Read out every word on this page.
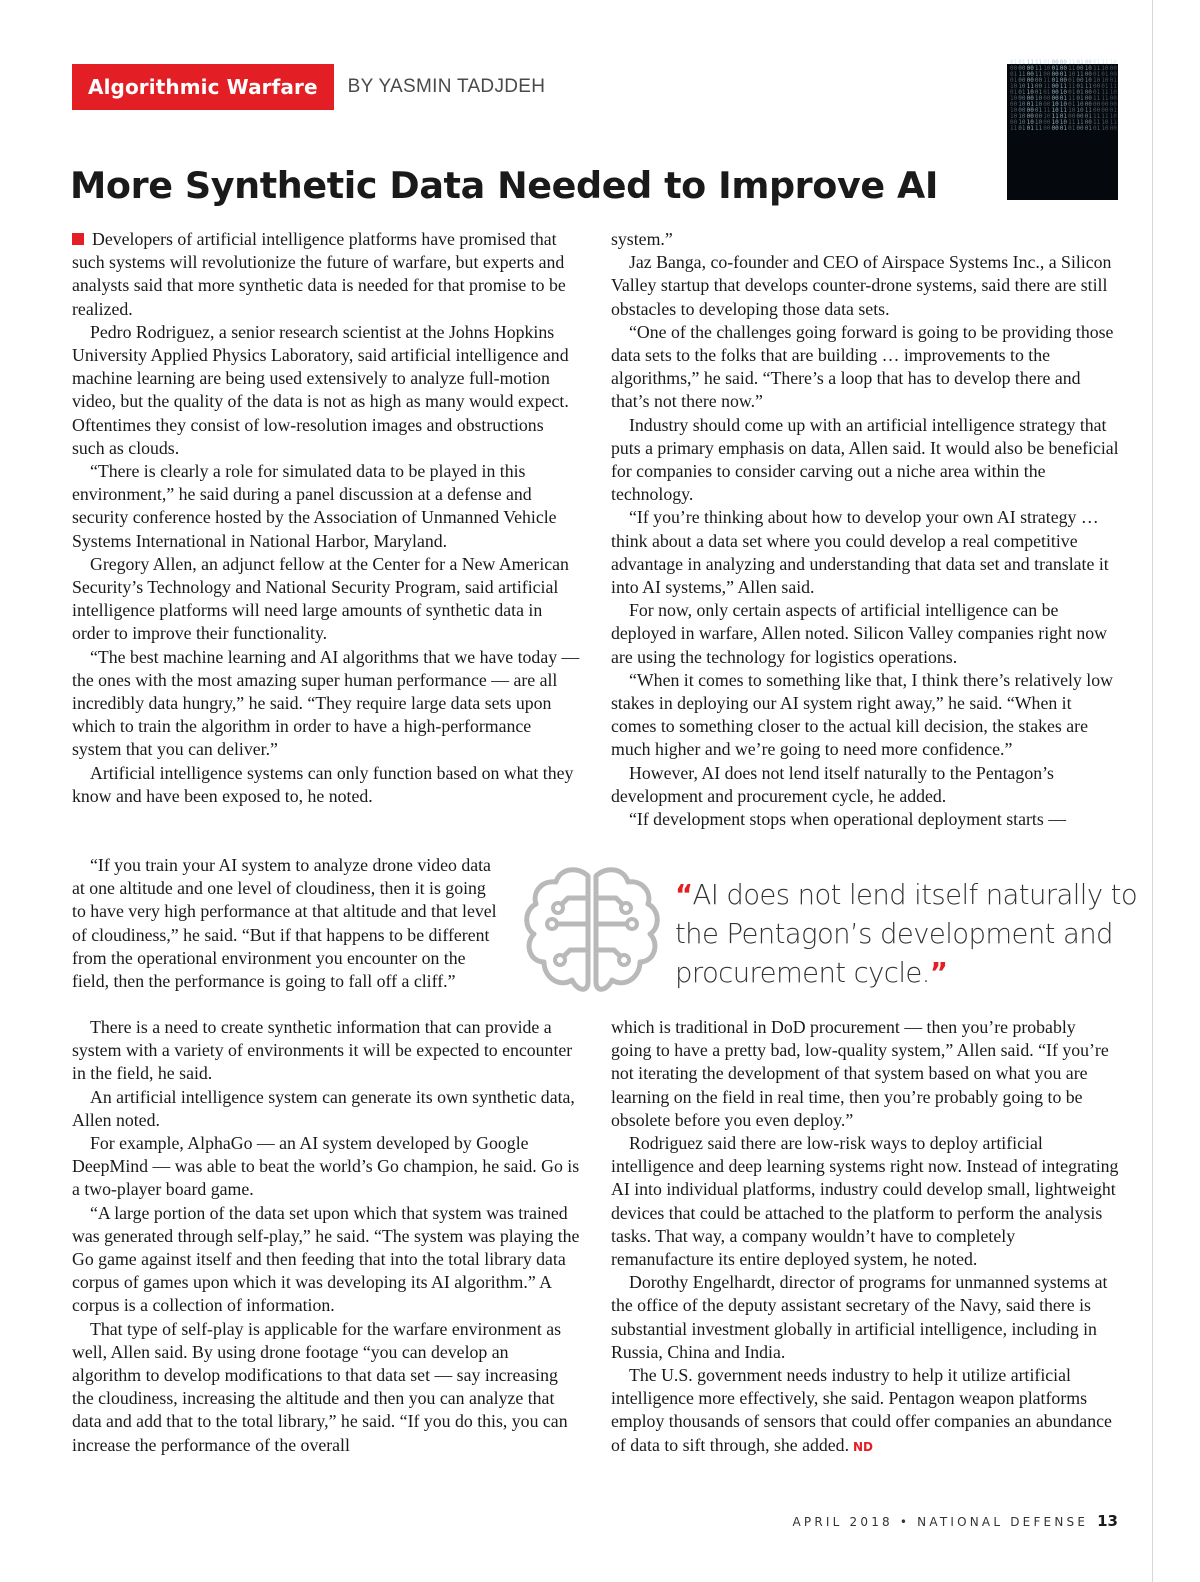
Algorithmic Warfare	BY YASMIN TADJDEH
010001011001100010100011
010011001001001000101001
110000001110000100001001
111111000001101001001011
011000111101000011100000
000100010000001010111000
000001001110011011011001
111110011101110110001101
010011000101011010001100
001000101100000011010001
011101100001110000111101
111001100111110000111010
100000011110000001101100
More Synthetic Data Needed to Improve AI

Developers of artificial intelligence platforms have promised that such systems will revolutionize the future of warfare, but experts and analysts said that more synthetic data is needed for that promise to be realized.

Pedro Rodriguez, a senior research scientist at the Johns Hopkins University Applied Physics Laboratory, said artificial intelligence and machine learning are being used extensively to analyze full-motion video, but the quality of the data is not as high as many would expect. Oftentimes they consist of low-resolution images and obstructions such as clouds.

“There is clearly a role for simulated data to be played in this environment,” he said during a panel discussion at a defense and security conference hosted by the Association of Unmanned Vehicle Systems International in National Harbor, Maryland.

Gregory Allen, an adjunct fellow at the Center for a New American Security’s Technology and National Security Program, said artificial intelligence platforms will need large amounts of synthetic data in order to improve their functionality.

“The best machine learning and AI algorithms that we have today — the ones with the most amazing super human performance — are all incredibly data hungry,” he said. “They require large data sets upon which to train the algorithm in order to have a high-performance system that you can deliver.”

Artificial intelligence systems can only function based on what they know and have been exposed to, he noted.

“If you train your AI system to analyze drone video data at one altitude and one level of cloudiness, then it is going to have very high performance at that altitude and that level of cloudiness,” he said. “But if that happens to be different from the operational environment you encounter on the field, then the performance is going to fall off a cliff.”

There is a need to create synthetic information that can provide a system with a variety of environments it will be expected to encounter in the field, he said.

An artificial intelligence system can generate its own synthetic data, Allen noted.

For example, AlphaGo — an AI system developed by Google DeepMind — was able to beat the world’s Go champion, he said. Go is a two-player board game.

“A large portion of the data set upon which that system was trained was generated through self-play,” he said. “The system was playing the Go game against itself and then feeding that into the total library data corpus of games upon which it was developing its AI algorithm.” A corpus is a collection of information.

That type of self-play is applicable for the warfare environment as well, Allen said. By using drone footage “you can develop an algorithm to develop modifications to that data set — say increasing the cloudiness, increasing the altitude and then you can analyze that data and add that to the total library,” he said. “If you do this, you can increase the performance of the overall

system.”

Jaz Banga, co-founder and CEO of Airspace Systems Inc., a Silicon Valley startup that develops counter-drone systems, said there are still obstacles to developing those data sets.

“One of the challenges going forward is going to be providing those data sets to the folks that are building … improvements to the algorithms,” he said. “There’s a loop that has to develop there and that’s not there now.”

Industry should come up with an artificial intelligence strategy that puts a primary emphasis on data, Allen said. It would also be beneficial for companies to consider carving out a niche area within the technology.

“If you’re thinking about how to develop your own AI strategy … think about a data set where you could develop a real competitive advantage in analyzing and understanding that data set and translate it into AI systems,” Allen said.

For now, only certain aspects of artificial intelligence can be deployed in warfare, Allen noted. Silicon Valley companies right now are using the technology for logistics operations.

“When it comes to something like that, I think there’s relatively low stakes in deploying our AI system right away,” he said. “When it comes to something closer to the actual kill decision, the stakes are much higher and we’re going to need more confidence.”

However, AI does not lend itself naturally to the Pentagon’s development and procurement cycle, he added.

“If development stops when operational deployment starts —

“AI does not lend itself naturally to the Pentagon’s development and procurement cycle.”

which is traditional in DoD procurement — then you’re probably going to have a pretty bad, low-quality system,” Allen said. “If you’re not iterating the development of that system based on what you are learning on the field in real time, then you’re probably going to be obsolete before you even deploy.”

Rodriguez said there are low-risk ways to deploy artificial intelligence and deep learning systems right now. Instead of integrating AI into individual platforms, industry could develop small, lightweight devices that could be attached to the platform to perform the analysis tasks. That way, a company wouldn’t have to completely remanufacture its entire deployed system, he noted.

Dorothy Engelhardt, director of programs for unmanned systems at the office of the deputy assistant secretary of the Navy, said there is substantial investment globally in artificial intelligence, including in Russia, China and India.

The U.S. government needs industry to help it utilize artificial intelligence more effectively, she said. Pentagon weapon platforms employ thousands of sensors that could offer companies an abundance of data to sift through, she added. ND

APRIL 2018 • NATIONAL DEFENSE 13
